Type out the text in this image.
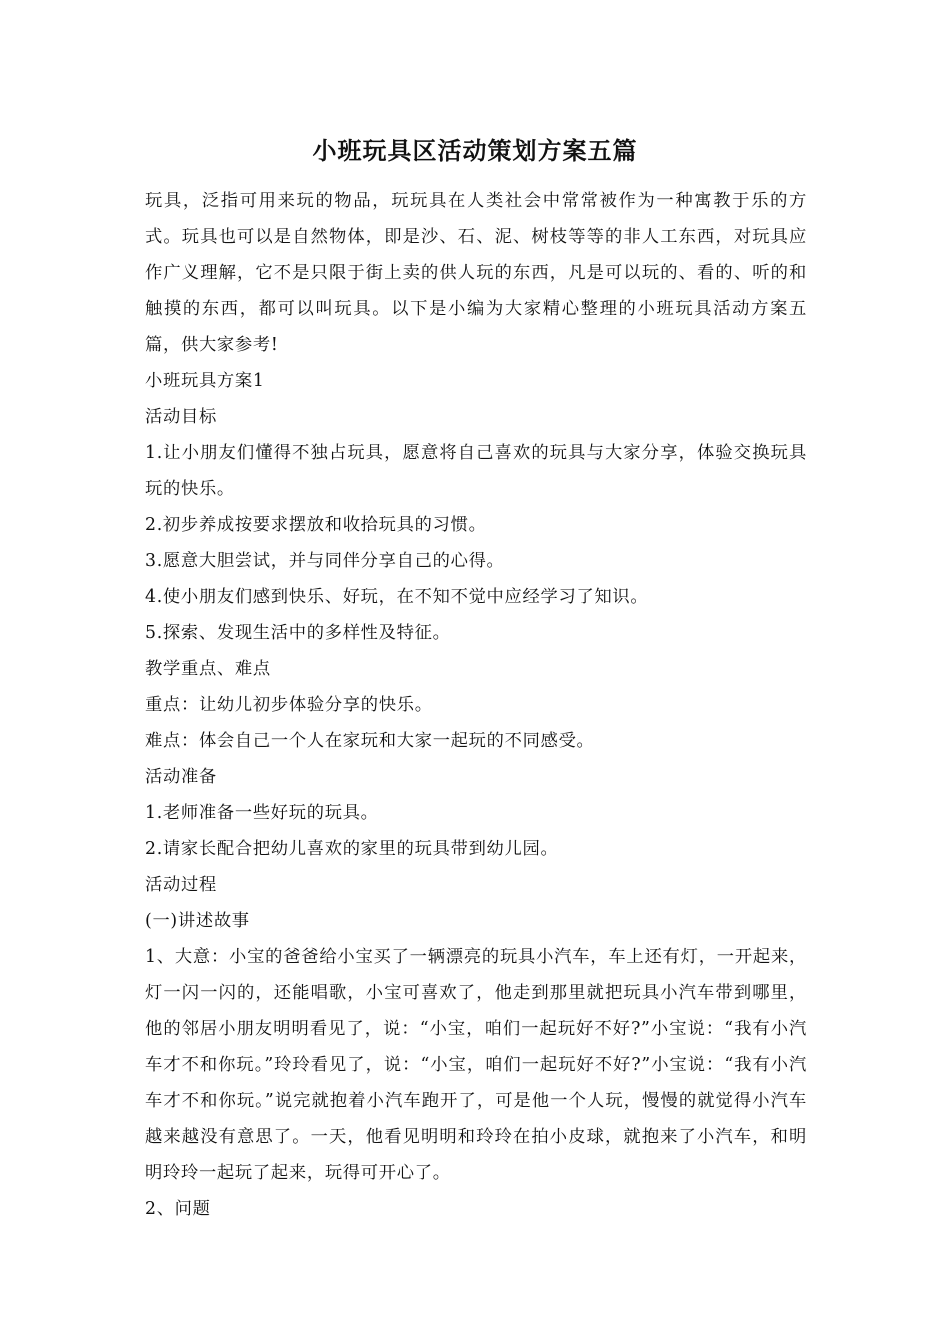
小班玩具区活动策划方案五篇

玩具，泛指可用来玩的物品，玩玩具在人类社会中常常被作为一种寓教于乐的方式。玩具也可以是自然物体，即是沙、石、泥、树枝等等的非人工东西，对玩具应作广义理解，它不是只限于街上卖的供人玩的东西，凡是可以玩的、看的、听的和触摸的东西，都可以叫玩具。以下是小编为大家精心整理的小班玩具活动方案五篇，供大家参考!

小班玩具方案1

活动目标

1.让小朋友们懂得不独占玩具，愿意将自己喜欢的玩具与大家分享，体验交换玩具玩的快乐。

2.初步养成按要求摆放和收拾玩具的习惯。

3.愿意大胆尝试，并与同伴分享自己的心得。

4.使小朋友们感到快乐、好玩，在不知不觉中应经学习了知识。

5.探索、发现生活中的多样性及特征。

教学重点、难点

重点：让幼儿初步体验分享的快乐。

难点：体会自己一个人在家玩和大家一起玩的不同感受。

活动准备

1.老师准备一些好玩的玩具。

2.请家长配合把幼儿喜欢的家里的玩具带到幼儿园。

活动过程

(一)讲述故事

1、大意：小宝的爸爸给小宝买了一辆漂亮的玩具小汽车，车上还有灯，一开起来，灯一闪一闪的，还能唱歌，小宝可喜欢了，他走到那里就把玩具小汽车带到哪里，他的邻居小朋友明明看见了，说：“小宝，咱们一起玩好不好?”小宝说：“我有小汽车才不和你玩。”玲玲看见了，说：“小宝，咱们一起玩好不好?”小宝说：“我有小汽车才不和你玩。”说完就抱着小汽车跑开了，可是他一个人玩，慢慢的就觉得小汽车越来越没有意思了。一天，他看见明明和玲玲在拍小皮球，就抱来了小汽车，和明明玲玲一起玩了起来，玩得可开心了。

2、问题
